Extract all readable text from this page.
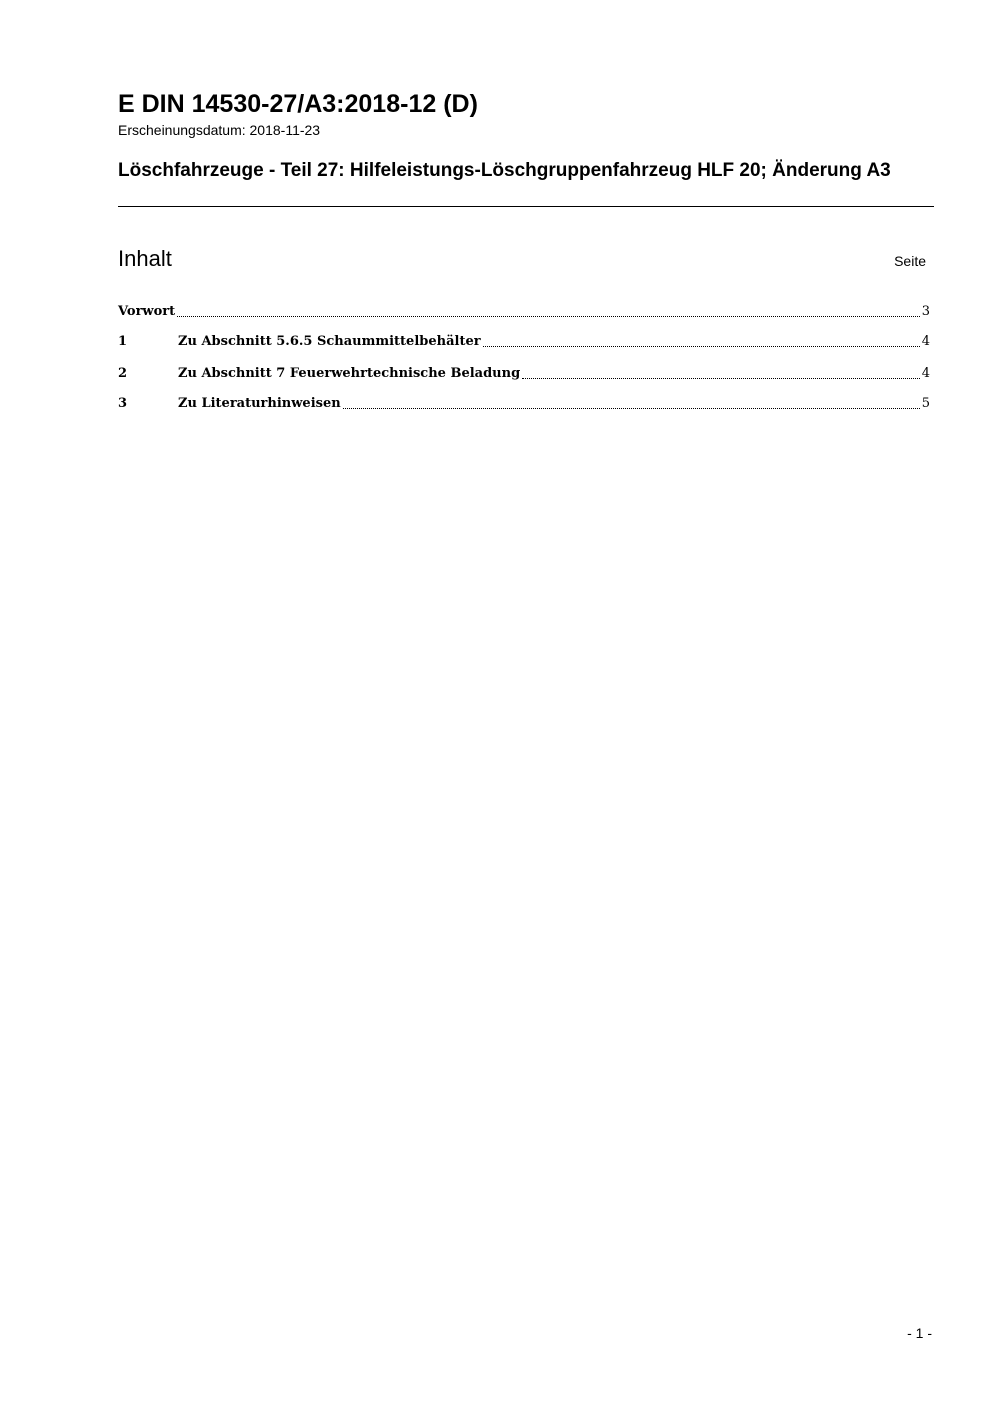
E DIN 14530-27/A3:2018-12 (D)
Erscheinungsdatum: 2018-11-23
Löschfahrzeuge - Teil 27: Hilfeleistungs-Löschgruppenfahrzeug HLF 20; Änderung A3
Inhalt	Seite
Vorwort	3
1	Zu Abschnitt 5.6.5 Schaummittelbehälter	4
2	Zu Abschnitt 7 Feuerwehrtechnische Beladung	4
3	Zu Literaturhinweisen	5
- 1 -
